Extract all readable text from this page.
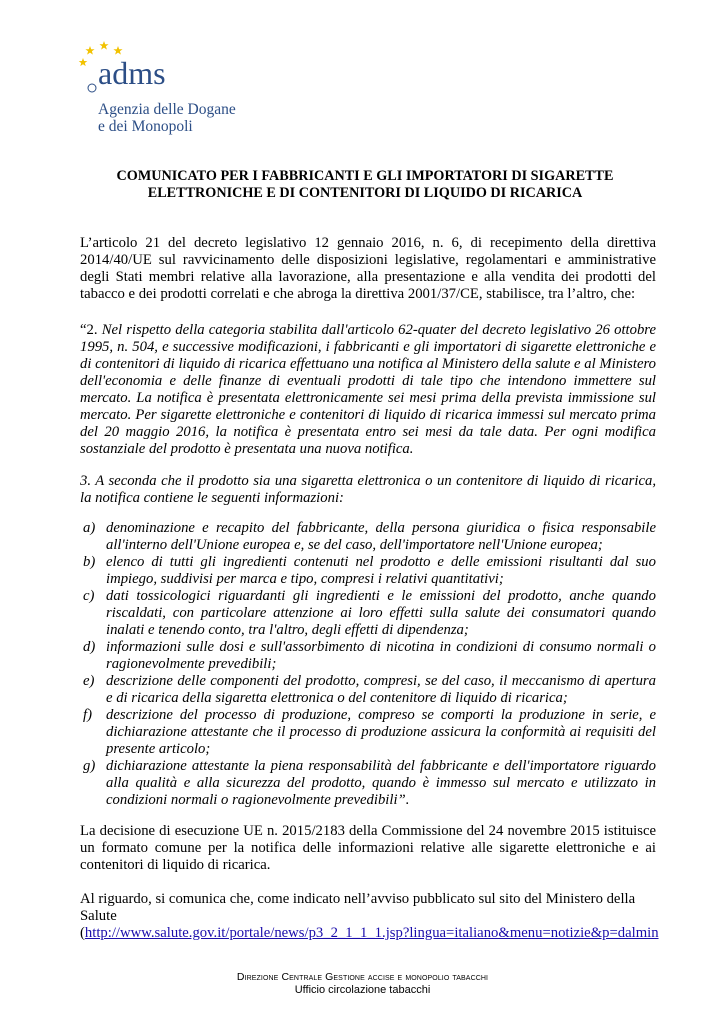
adms
Agenzia delle Dogane
e dei Monopoli
COMUNICATO PER I FABBRICANTI E GLI IMPORTATORI DI SIGARETTE
ELETTRONICHE E DI CONTENITORI DI LIQUIDO DI RICARICA

L’articolo 21 del decreto legislativo 12 gennaio 2016, n. 6, di recepimento della direttiva 2014/40/UE sul ravvicinamento delle disposizioni legislative, regolamentari e amministrative degli Stati membri relative alla lavorazione, alla presentazione e alla vendita dei prodotti del tabacco e dei prodotti correlati e che abroga la direttiva 2001/37/CE, stabilisce, tra l’altro, che:

“2. Nel rispetto della categoria stabilita dall'articolo 62-quater del decreto legislativo 26 ottobre 1995, n. 504, e successive modificazioni, i fabbricanti e gli importatori di sigarette elettroniche e di contenitori di liquido di ricarica effettuano una notifica al Ministero della salute e al Ministero dell'economia e delle finanze di eventuali prodotti di tale tipo che intendono immettere sul mercato. La notifica è presentata elettronicamente sei mesi prima della prevista immissione sul mercato. Per sigarette elettroniche e contenitori di liquido di ricarica immessi sul mercato prima del 20 maggio 2016, la notifica è presentata entro sei mesi da tale data. Per ogni modifica sostanziale del prodotto è presentata una nuova notifica.

3. A seconda che il prodotto sia una sigaretta elettronica o un contenitore di liquido di ricarica, la notifica contiene le seguenti informazioni:

a) denominazione e recapito del fabbricante, della persona giuridica o fisica responsabile all'interno dell'Unione europea e, se del caso, dell'importatore nell'Unione europea;
b) elenco di tutti gli ingredienti contenuti nel prodotto e delle emissioni risultanti dal suo impiego, suddivisi per marca e tipo, compresi i relativi quantitativi;
c) dati tossicologici riguardanti gli ingredienti e le emissioni del prodotto, anche quando riscaldati, con particolare attenzione ai loro effetti sulla salute dei consumatori quando inalati e tenendo conto, tra l'altro, degli effetti di dipendenza;
d) informazioni sulle dosi e sull'assorbimento di nicotina in condizioni di consumo normali o ragionevolmente prevedibili;
e) descrizione delle componenti del prodotto, compresi, se del caso, il meccanismo di apertura e di ricarica della sigaretta elettronica o del contenitore di liquido di ricarica;
f) descrizione del processo di produzione, compreso se comporti la produzione in serie, e dichiarazione attestante che il processo di produzione assicura la conformità ai requisiti del presente articolo;
g) dichiarazione attestante la piena responsabilità del fabbricante e dell'importatore riguardo alla qualità e alla sicurezza del prodotto, quando è immesso sul mercato e utilizzato in condizioni normali o ragionevolmente prevedibili”.

La decisione di esecuzione UE n. 2015/2183 della Commissione del 24 novembre 2015 istituisce un formato comune per la notifica delle informazioni relative alle sigarette elettroniche e ai contenitori di liquido di ricarica.

Al riguardo, si comunica che, come indicato nell’avviso pubblicato sul sito del Ministero della Salute

(http://www.salute.gov.it/portale/news/p3_2_1_1_1.jsp?lingua=italiano&menu=notizie&p=dalmin
Direzione Centrale Gestione accise e monopolio tabacchi
Ufficio circolazione tabacchi
